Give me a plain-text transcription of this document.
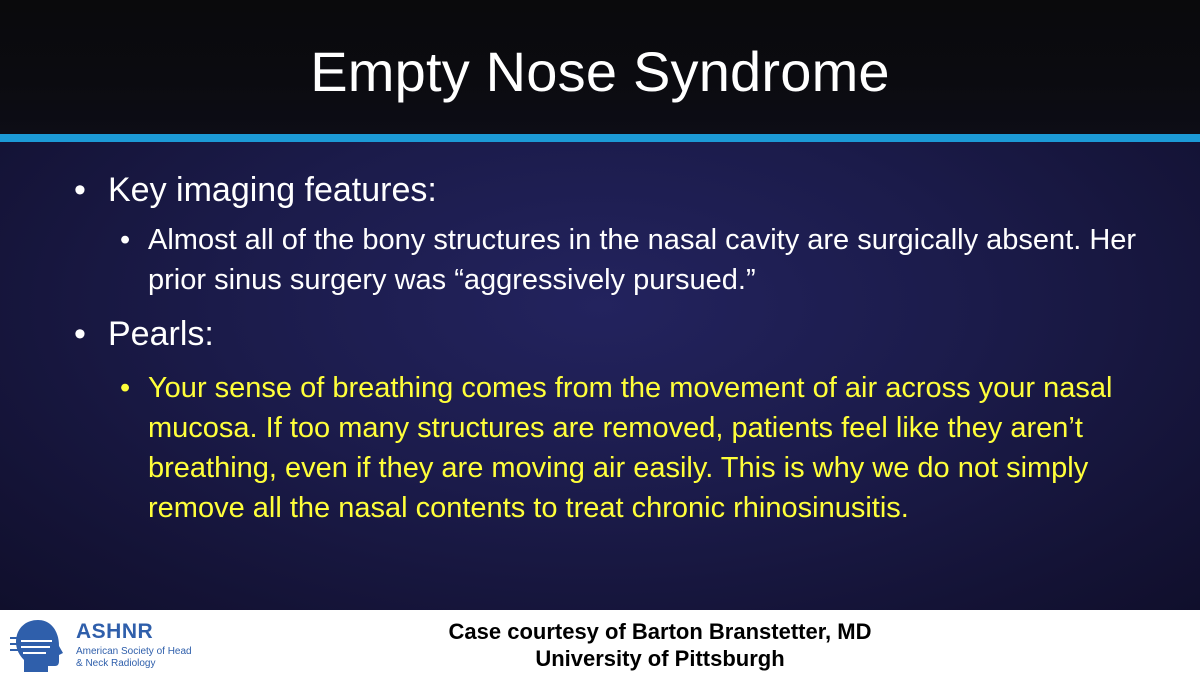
Empty Nose Syndrome
• Key imaging features:
• Almost all of the bony structures in the nasal cavity are surgically absent. Her prior sinus surgery was “aggressively pursued.”
• Pearls:
• Your sense of breathing comes from the movement of air across your nasal mucosa. If too many structures are removed, patients feel like they aren’t breathing, even if they are moving air easily. This is why we do not simply remove all the nasal contents to treat chronic rhinosinusitis.
ASHNR
American Society of Head & Neck Radiology
Case courtesy of Barton Branstetter, MD
University of Pittsburgh
